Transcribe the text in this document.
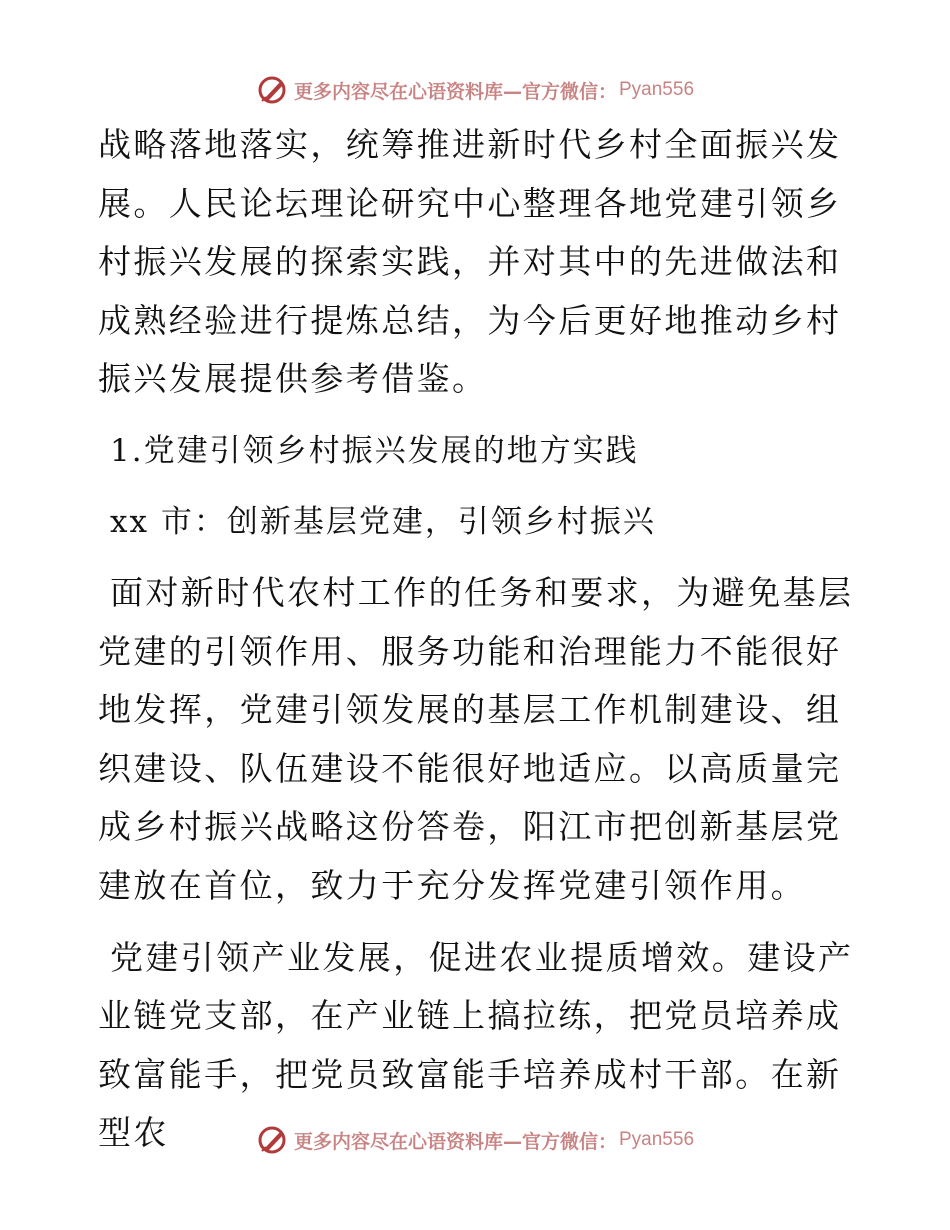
更多内容尽在心语资料库—官方微信： Pyan556

战略落地落实，统筹推进新时代乡村全面振兴发展。人民论坛理论研究中心整理各地党建引领乡村振兴发展的探索实践，并对其中的先进做法和成熟经验进行提炼总结，为今后更好地推动乡村振兴发展提供参考借鉴。

1.党建引领乡村振兴发展的地方实践

xx 市：创新基层党建，引领乡村振兴

面对新时代农村工作的任务和要求，为避免基层党建的引领作用、服务功能和治理能力不能很好地发挥，党建引领发展的基层工作机制建设、组织建设、队伍建设不能很好地适应。以高质量完成乡村振兴战略这份答卷，阳江市把创新基层党建放在首位，致力于充分发挥党建引领作用。

党建引领产业发展，促进农业提质增效。建设产业链党支部，在产业链上搞拉练，把党员培养成致富能手，把党员致富能手培养成村干部。在新型农	更多内容尽在心语资料库—官方微信： Pyan556
